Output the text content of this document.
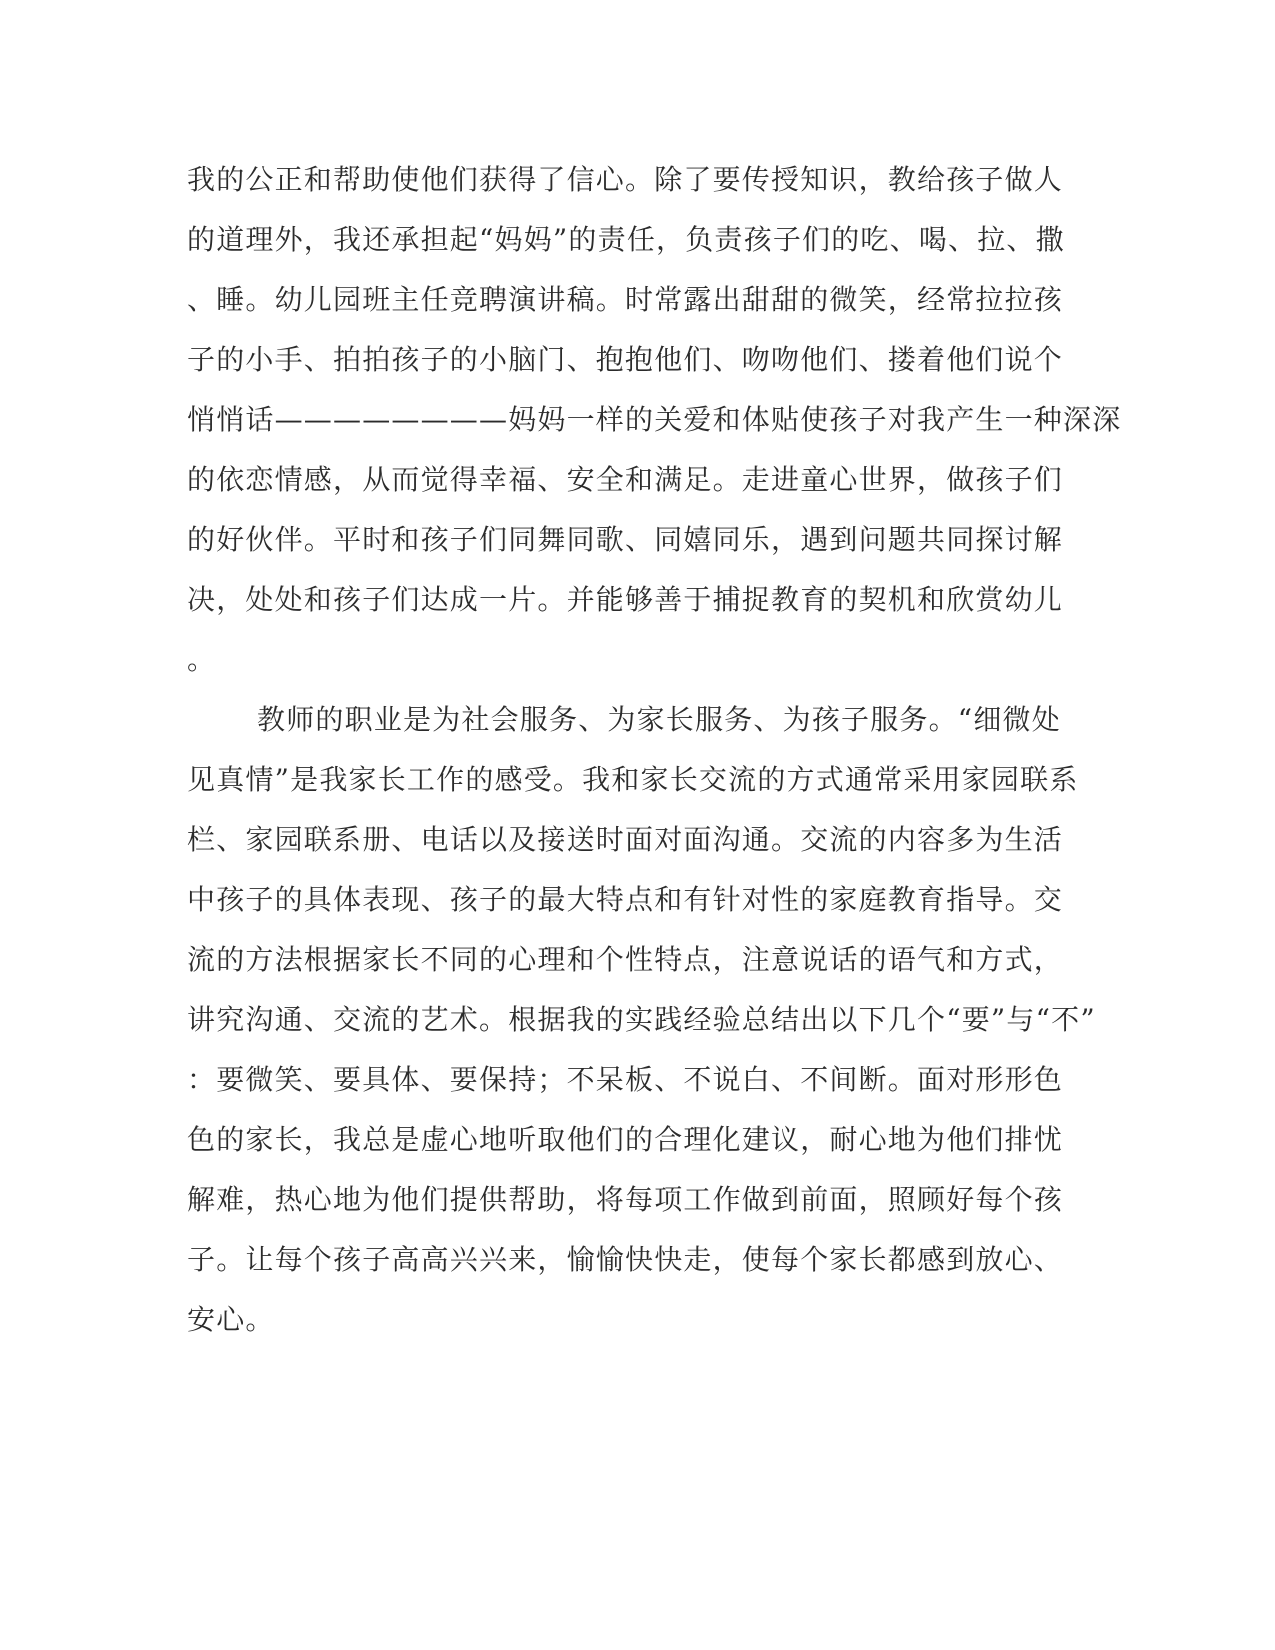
我的公正和帮助使他们获得了信心。除了要传授知识，教给孩子做人
的道理外，我还承担起“妈妈”的责任，负责孩子们的吃、喝、拉、撒
、睡。幼儿园班主任竞聘演讲稿。时常露出甜甜的微笑，经常拉拉孩
子的小手、拍拍孩子的小脑门、抱抱他们、吻吻他们、搂着他们说个
悄悄话————————妈妈一样的关爱和体贴使孩子对我产生一种深深
的依恋情感，从而觉得幸福、安全和满足。走进童心世界，做孩子们
的好伙伴。平时和孩子们同舞同歌、同嬉同乐，遇到问题共同探讨解
决，处处和孩子们达成一片。并能够善于捕捉教育的契机和欣赏幼儿
。
教师的职业是为社会服务、为家长服务、为孩子服务。“细微处
见真情”是我家长工作的感受。我和家长交流的方式通常采用家园联系
栏、家园联系册、电话以及接送时面对面沟通。交流的内容多为生活
中孩子的具体表现、孩子的最大特点和有针对性的家庭教育指导。交
流的方法根据家长不同的心理和个性特点，注意说话的语气和方式，
讲究沟通、交流的艺术。根据我的实践经验总结出以下几个“要”与“不”
：要微笑、要具体、要保持；不呆板、不说白、不间断。面对形形色
色的家长，我总是虚心地听取他们的合理化建议，耐心地为他们排忧
解难，热心地为他们提供帮助，将每项工作做到前面，照顾好每个孩
子。让每个孩子高高兴兴来，愉愉快快走，使每个家长都感到放心、
安心。
